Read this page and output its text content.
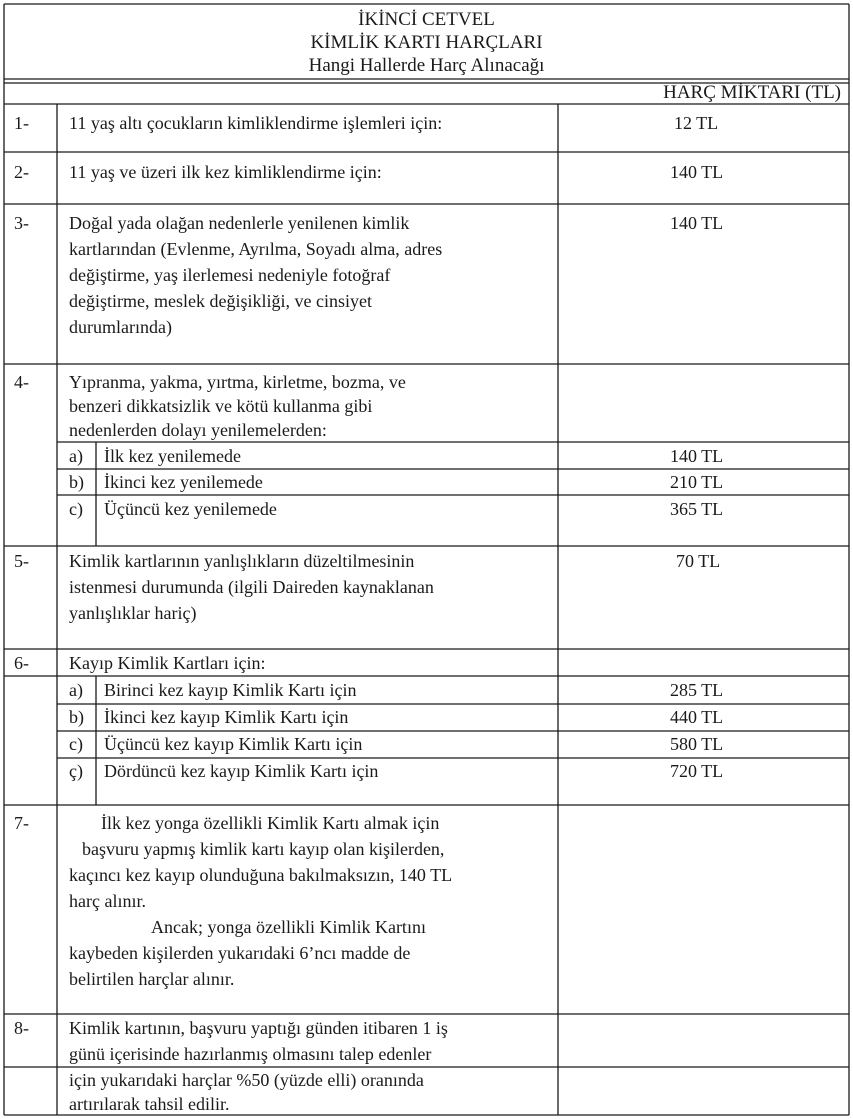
İKİNCİ CETVEL
KİMLİK KARTI HARÇLARI
Hangi Hallerde Harç Alınacağı
HARÇ MİKTARI (TL)
1- 11 yaş altı çocukların kimliklendirme işlemleri için:	12 TL
2- 11 yaş ve üzeri ilk kez kimliklendirme için:	140 TL
3- Doğal yada olağan nedenlerle yenilenen kimlik
kartlarından (Evlenme, Ayrılma, Soyadı alma, adres
değiştirme, yaş ilerlemesi nedeniyle fotoğraf
değiştirme, meslek değişikliği, ve cinsiyet
durumlarında)
140 TL
4- Yıpranma, yakma, yırtma, kirletme, bozma, ve
benzeri dikkatsizlik ve kötü kullanma gibi
nedenlerden dolayı yenilemelerden:
a) İlk kez yenilemede	140 TL
b) İkinci kez yenilemede	210 TL
c) Üçüncü kez yenilemede	365 TL
5- Kimlik kartlarının yanlışlıkların düzeltilmesinin
istenmesi durumunda (ilgili Daireden kaynaklanan
yanlışlıklar hariç)
70 TL
6- Kayıp Kimlik Kartları için:
a) Birinci kez kayıp Kimlik Kartı için	285 TL
b) İkinci kez kayıp Kimlik Kartı için	440 TL
c) Üçüncü kez kayıp Kimlik Kartı için	580 TL
ç) Dördüncü kez kayıp Kimlik Kartı için	720 TL
7-	İlk kez yonga özellikli Kimlik Kartı almak için
başvuru yapmış kimlik kartı kayıp olan kişilerden,
kaçıncı kez kayıp olunduğuna bakılmaksızın, 140 TL
harç alınır.
Ancak; yonga özellikli Kimlik Kartını
kaybeden kişilerden yukarıdaki 6’ncı madde de
belirtilen harçlar alınır.
8- Kimlik kartının, başvuru yaptığı günden itibaren 1 iş
günü içerisinde hazırlanmış olmasını talep edenler
için yukarıdaki harçlar %50 (yüzde elli) oranında
artırılarak tahsil edilir.
